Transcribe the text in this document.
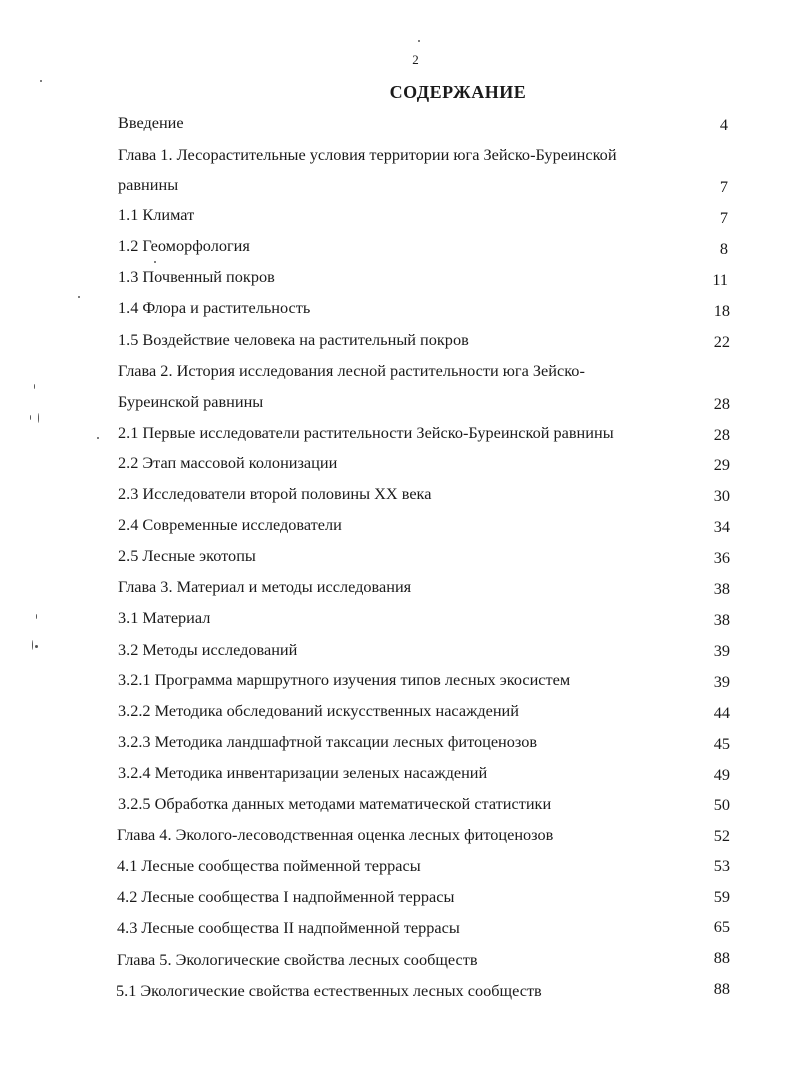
2
СОДЕРЖАНИЕ
Введение	4
Глава 1. Лесорастительные условия территории юга Зейско-Буреинской
равнины	7
1.1 Климат	7
1.2 Геоморфология	8
1.3 Почвенный покров	11
1.4 Флора и растительность	18
1.5 Воздействие человека на растительный покров	22
Глава 2. История исследования лесной растительности юга Зейско-
Буреинской равнины	28
2.1 Первые исследователи растительности Зейско-Буреинской равнины	28
2.2 Этап массовой колонизации	29
2.3 Исследователи второй половины XX века	30
2.4 Современные исследователи	34
2.5 Лесные экотопы	36
Глава 3. Материал и методы исследования	38
3.1 Материал	38
3.2 Методы исследований	39
3.2.1 Программа маршрутного изучения типов лесных экосистем	39
3.2.2 Методика обследований искусственных насаждений	44
3.2.3 Методика ландшафтной таксации лесных фитоценозов	45
3.2.4 Методика инвентаризации зеленых насаждений	49
3.2.5 Обработка данных методами математической статистики	50
Глава 4. Эколого-лесоводственная оценка лесных фитоценозов	52
4.1 Лесные сообщества пойменной террасы	53
4.2 Лесные сообщества I надпойменной террасы	59
4.3 Лесные сообщества II надпойменной террасы	65
Глава 5. Экологические свойства лесных сообществ	88
5.1 Экологические свойства естественных лесных сообществ	88
